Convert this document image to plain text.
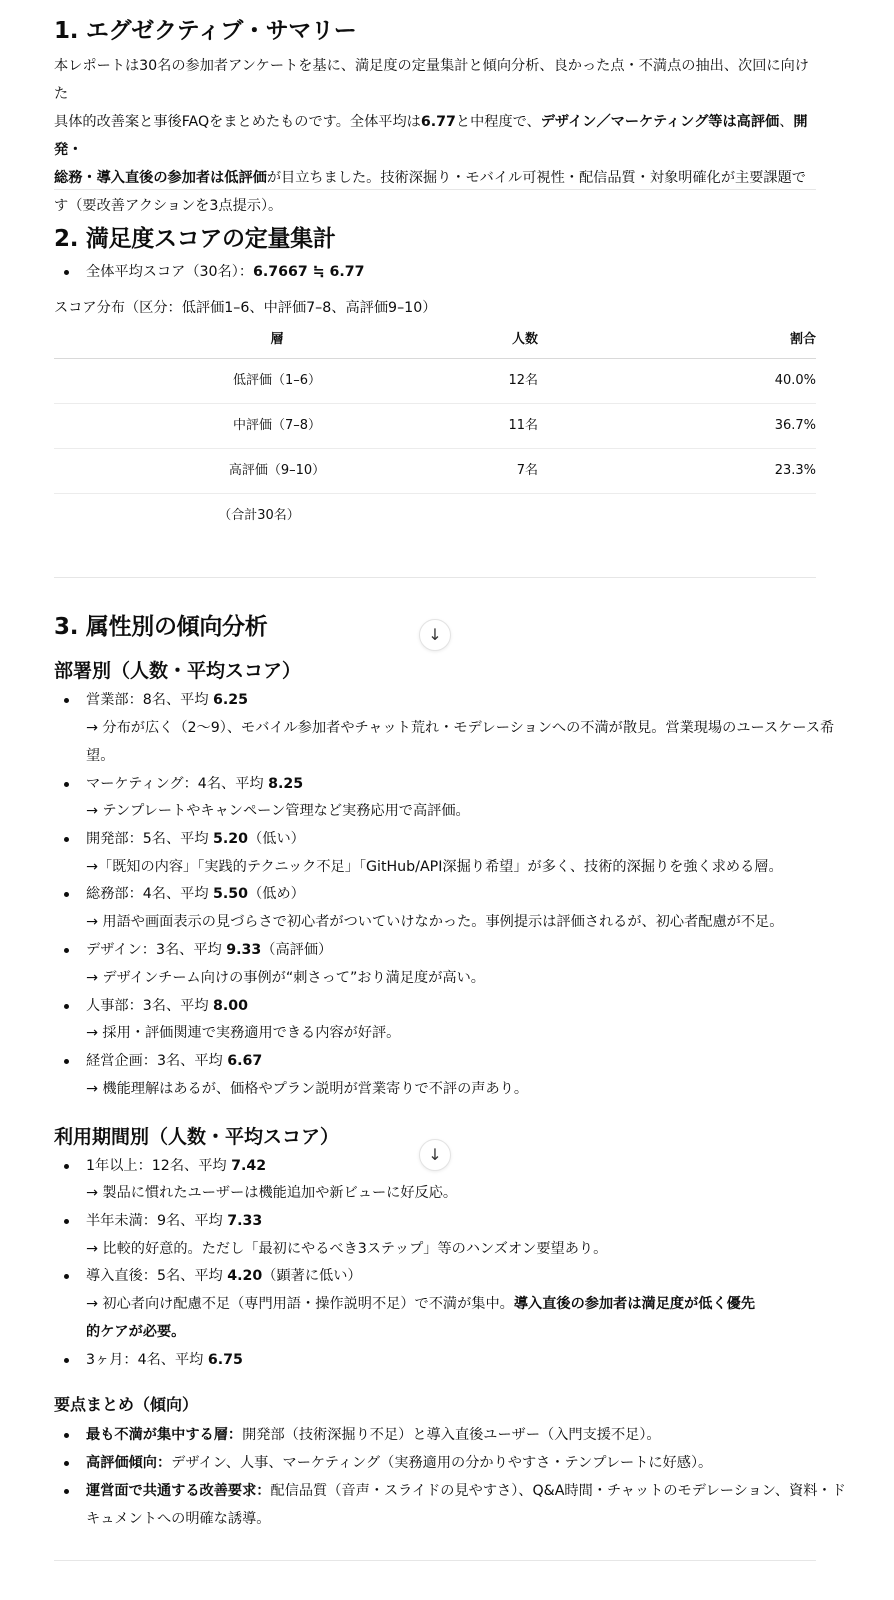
1. エグゼクティブ・サマリー
本レポートは30名の参加者アンケートを基に、満足度の定量集計と傾向分析、良かった点・不満点の抽出、次回に向けた
具体的改善案と事後FAQをまとめたものです。全体平均は6.77と中程度で、デザイン／マーケティング等は高評価、開発・
総務・導入直後の参加者は低評価が目立ちました。技術深掘り・モバイル可視性・配信品質・対象明確化が主要課題で
す（要改善アクションを3点提示）。
2. 満足度スコアの定量集計
全体平均スコア（30名）：6.7667 ≒ 6.77
スコア分布（区分：低評価1–6、中評価7–8、高評価9–10）
層	人数	割合
低評価（1–6）	12名	40.0%
中評価（7–8）	11名	36.7%
高評価（9–10）	7名	23.3%
（合計30名）
3. 属性別の傾向分析
部署別（人数・平均スコア）
営業部：8名、平均 6.25
→ 分布が広く（2〜9）、モバイル参加者やチャット荒れ・モデレーションへの不満が散見。営業現場のユースケース希
望。
マーケティング：4名、平均 8.25
→ テンプレートやキャンペーン管理など実務応用で高評価。
開発部：5名、平均 5.20（低い）
→「既知の内容」「実践的テクニック不足」「GitHub/API深掘り希望」が多く、技術的深掘りを強く求める層。
総務部：4名、平均 5.50（低め）
→ 用語や画面表示の見づらさで初心者がついていけなかった。事例提示は評価されるが、初心者配慮が不足。
デザイン：3名、平均 9.33（高評価）
→ デザインチーム向けの事例が“刺さって”おり満足度が高い。
人事部：3名、平均 8.00
→ 採用・評価関連で実務適用できる内容が好評。
経営企画：3名、平均 6.67
→ 機能理解はあるが、価格やプラン説明が営業寄りで不評の声あり。
利用期間別（人数・平均スコア）
1年以上：12名、平均 7.42
→ 製品に慣れたユーザーは機能追加や新ビューに好反応。
半年未満：9名、平均 7.33
→ 比較的好意的。ただし「最初にやるべき3ステップ」等のハンズオン要望あり。
導入直後：5名、平均 4.20（顕著に低い）
→ 初心者向け配慮不足（専門用語・操作説明不足）で不満が集中。導入直後の参加者は満足度が低く優先
的ケアが必要。
3ヶ月：4名、平均 6.75
要点まとめ（傾向）
最も不満が集中する層：開発部（技術深掘り不足）と導入直後ユーザー（入門支援不足）。
高評価傾向：デザイン、人事、マーケティング（実務適用の分かりやすさ・テンプレートに好感）。
運営面で共通する改善要求：配信品質（音声・スライドの見やすさ）、Q&A時間・チャットのモデレーション、資料・ド
キュメントへの明確な誘導。
↓
↓
